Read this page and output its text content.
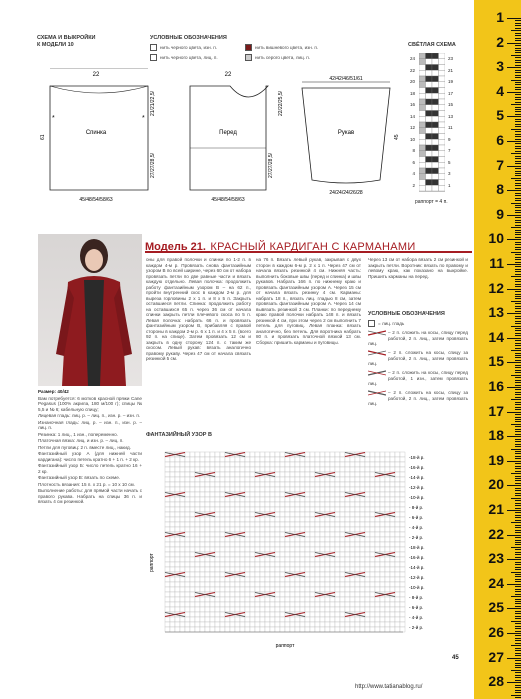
СХЕМА И ВЫКРОЙКИ
К МОДЕЛИ 10
УСЛОВНЫЕ ОБОЗНАЧЕНИЯ
нить черного цвета, изн. п.
нить черного цвета, лиц. п.
нить вишневого цвета, изн. п.
нить серого цвета, лиц. п.
22
Спинка
45/48/54/58/63
61
27/27/28,5/
21/21/22,5/
*	*
22
Перед
45/48/54/58/63
27/27/28,5/
22/22/25,5/
42/42/46/51/61
Рукав
24/24/24/26/28
45
СВЁТЛАЯ СХЕМА
24
22
20
18
16
14
12
10
8
6
4
2
23
21
19
17
15
13
11
9
7
5
3
1
раппорт = 4 п.
Модель 21. КРАСНЫЙ КАРДИГАН С КАРМАНАМИ

Размер: 40/42

Вам потребуется: 6 мотков красной пряжи Cane Pegasus (100% акрила, 180 м/100 г); спицы № 5,5 и № 6; кабельную спицу;

Лицевая гладь: лиц. р. – лиц. п., изн. р. – изн. п.

Изнаночная гладь: лиц. р. – изн. п., изн. р. – лиц. п.

Резинка: 1 лиц., 1 изн., попеременно.

Платочная вязка: лиц. и изн. р. – лиц. п.

Петли для пуговиц: 2 п. вместе лиц., накид.

Фантазийный узор А (для нижней части кардигана): число петель кратно 6 + 1 п. + 2 кр.

Фантазийный узор Б: число петель кратно 16 + 2 кр.

Фантазийный узор В: вязать по схеме.

Плотность вязания: 15 п. х 21 р. = 10 х 10 см.

Выполнение работы: для прямой части начать с правого рукава. Набрать на спицы 36 п. и вязать 4 см резинкой.

оны для правой полочки и спинки по 1-2 п. в каждом 4-м р. Провязать снова фантазийным узором В по всей ширине, через 60 см от набора провязать петли по две равные части и вязать каждую отдельно. Левая полочка: продолжить работу фантазийным узором В – на 62 п., пройти внутренний скос в каждом 2-м р. для выреза горловины 2 х 1 п. и 8 х 5 п. Закрыть оставшиеся петли. Спинка: продолжить работу на оставшихся 65 п. через 36 см от начала спинки закрыть петли плечевого скоса по 5 п. Левая полочка: набрать 66 п. и провязать фантазийным узором В, прибавляя с правой стороны в каждом 2-м р. 6 х 1 п. и 4 х 5 п. (всего 92 п. на спице). Затем провязать 12 см и закрыть в одну сторону 124 п. с таким же скосом. Левый рукав: вязать аналогично правому рукаву. Через 47 см от начала связать резинкой 5 см.
на 76 п. Вязать левый рукав, закрывая с двух сторон в каждом 6-м р. 2 х 1 п. Через 47 см от начала вязать резинкой 4 см. Нижняя часть: выполнить боковые швы (перед и спинка) и швы рукавов. Набрать 166 п. по нижнему краю и провязать фантазийным узором А. Через 15 см от начала вязать резинку 4 см. Карманы: набрать 18 п., вязать лиц. гладью 8 см, затем провязать фантазийным узором А. Через 14 см вывязать резинкой 3 см. Планки: по переднему краю правой полочки набрать 148 п. и вязать резинкой 4 см, при этом через 2 см выполнить 7 петель для пуговиц. Левая планка: вязать аналогично, без петель. Для воротника набрать 80 п. и провязать платочной вязкой 13 см. Сборка: пришить карманы и пуговицы.
Через 13 см от набора вязать 2 см резинкой и закрыть петли. Воротник: вязать по правому и левому краю, как показано на выкройке. Пришить карманы на перед.
УСЛОВНЫЕ ОБОЗНАЧЕНИЯ
= лиц. гладь
– 2 п. сложить на косы, спицу перед работой, 2 п. лиц., затем провязать лиц.
– 2 п. сложить на косы, спицу за работой, 2 п. лиц., затем провязать лиц.
– 2 п. сложить на косы, спицу перед работой, 1 изн., затем провязать лиц.
– 2 п. сложить на косы, спицу за работой, 2 п. лиц., затем провязать лиц.
ФАНТАЗИЙНЫЙ УЗОР В
-18-й р.
-16-й р.
-14-й р.
-12-й р.
-10-й р.
- 8-й р.
- 6-й р.
- 4-й р.
- 2-й р.
-18-й р.
-16-й р.
-14-й р.
-12-й р.
-10-й р.
- 8-й р.
- 6-й р.
- 4-й р.
- 2-й р.
раппорт
раппорт
45
http://www.tatianablog.ru/
1
2
3
4
5
6
7
8
9
10
11
12
13
14
15
16
17
18
19
20
21
22
23
24
25
26
27
28
